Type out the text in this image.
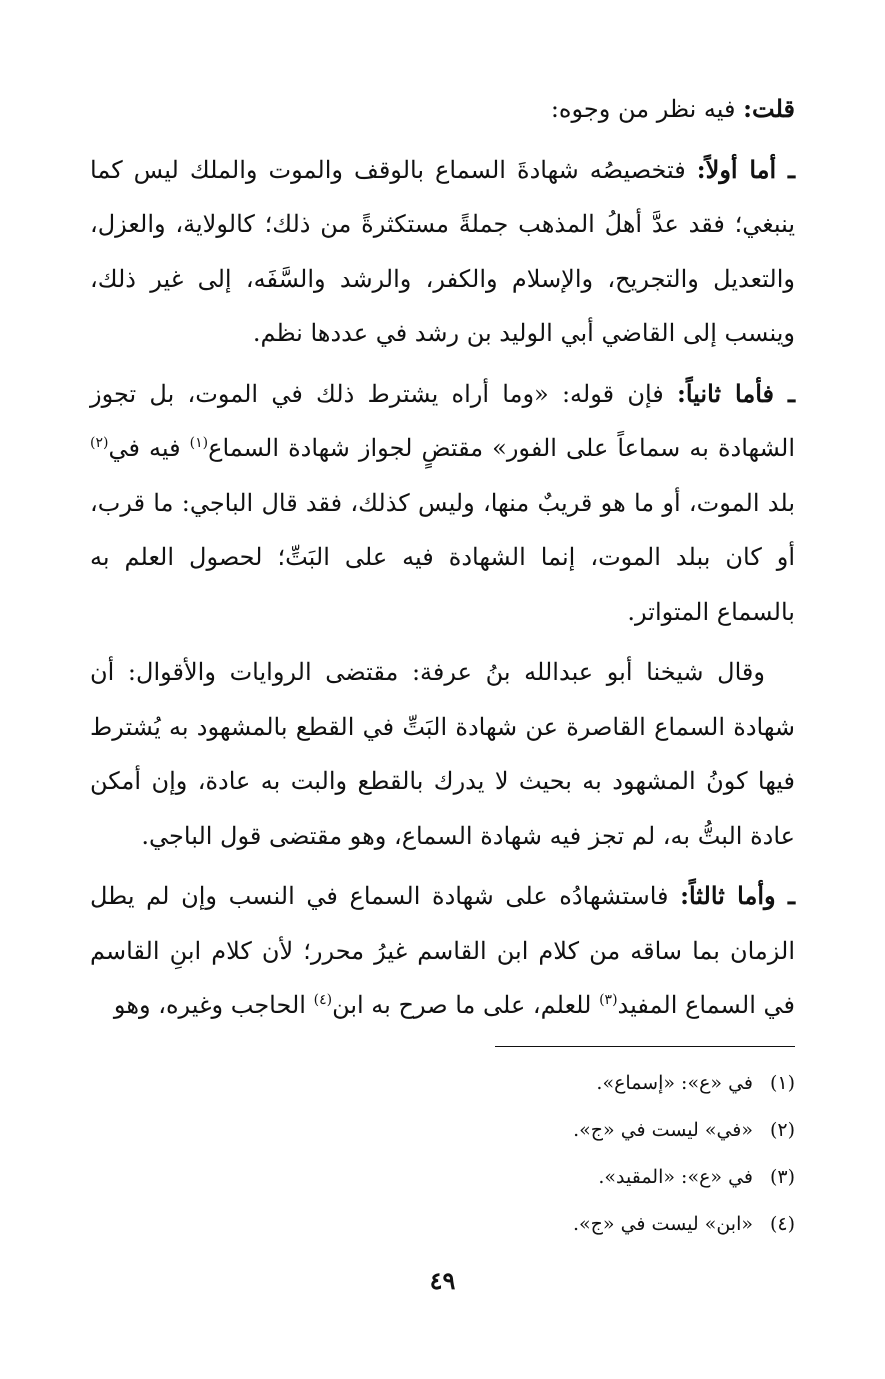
قلت: فيه نظر من وجوه:

ـ أما أولاً: فتخصيصُه شهادةَ السماع بالوقف والموت والملك ليس كما ينبغي؛ فقد عدَّ أهلُ المذهب جملةً مستكثرةً من ذلك؛ كالولاية، والعزل، والتعديل والتجريح، والإسلام والكفر، والرشد والسَّفَه، إلى غير ذلك، وينسب إلى القاضي أبي الوليد بن رشد في عددها نظم.

ـ فأما ثانياً: فإن قوله: «وما أراه يشترط ذلك في الموت، بل تجوز الشهادة به سماعاً على الفور» مقتضٍ لجواز شهادة السماع$^{(١)}$ فيه في$^{(٢)}$ بلد الموت، أو ما هو قريبٌ منها، وليس كذلك، فقد قال الباجي: ما قرب، أو كان ببلد الموت، إنما الشهادة فيه على البَتِّ؛ لحصول العلم به بالسماع المتواتر.

وقال شيخنا أبو عبدالله بنُ عرفة: مقتضى الروايات والأقوال: أن شهادة السماع القاصرة عن شهادة البَتِّ في القطع بالمشهود به يُشترط فيها كونُ المشهود به بحيث لا يدرك بالقطع والبت به عادة، وإن أمكن عادة البتُّ به، لم تجز فيه شهادة السماع، وهو مقتضى قول الباجي.

ـ وأما ثالثاً: فاستشهادُه على شهادة السماع في النسب وإن لم يطل الزمان بما ساقه من كلام ابن القاسم غيرُ محرر؛ لأن كلام ابنِ القاسم في السماع المفيد$^{(٣)}$ للعلم، على ما صرح به ابن$^{(٤)}$ الحاجب وغيره، وهو

(١)في «ع»: «إسماع».
(٢)«في» ليست في «ج».
(٣)في «ع»: «المقيد».
(٤)«ابن» ليست في «ج».
٤٩
